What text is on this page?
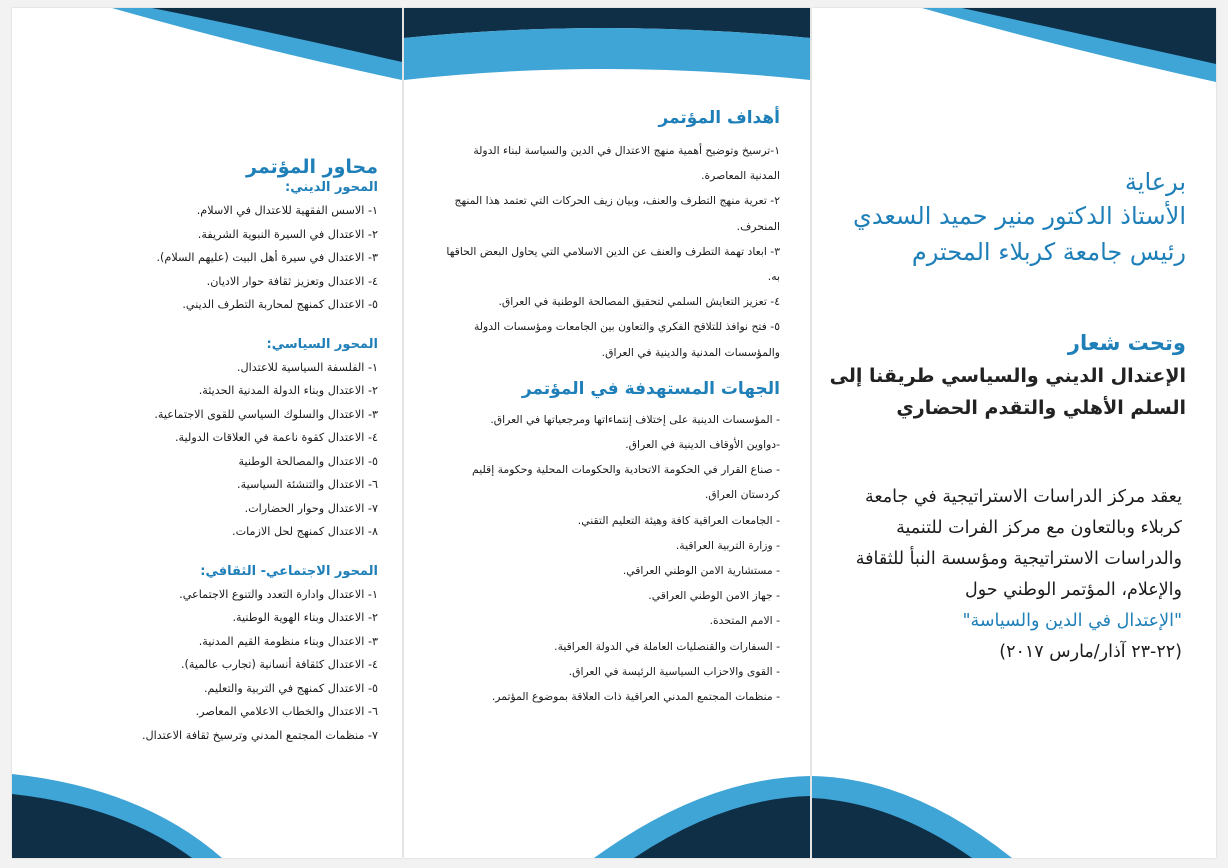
محاور المؤتمر
المحور الديني:
١- الاسس الفقهية للاعتدال في الاسلام.
٢- الاعتدال في السيرة النبوية الشريفة.
٣- الاعتدال في سيرة أهل البيت (عليهم السلام).
٤- الاعتدال وتعزيز ثقافة حوار الاديان.
٥- الاعتدال كمنهج لمحاربة التطرف الديني.
المحور السياسي:
١- الفلسفة السياسية للاعتدال.
٢- الاعتدال وبناء الدولة المدنية الحديثة.
٣- الاعتدال والسلوك السياسي للقوى الاجتماعية.
٤- الاعتدال كقوة ناعمة في العلاقات الدولية.
٥- الاعتدال والمصالحة الوطنية
٦- الاعتدال والتنشئة السياسية.
٧- الاعتدال وحوار الحضارات.
٨- الاعتدال كمنهج لحل الازمات.
المحور الاجتماعي- الثقافي:
١- الاعتدال وادارة التعدد والتنوع الاجتماعي.
٢- الاعتدال وبناء الهوية الوطنية.
٣- الاعتدال وبناء منظومة القيم المدنية.
٤- الاعتدال كثقافة أنسانية (تجارب عالمية).
٥- الاعتدال كمنهج في التربية والتعليم.
٦- الاعتدال والخطاب الاعلامي المعاصر.
٧- منظمات المجتمع المدني وترسيخ ثقافة الاعتدال.
أهداف المؤتمر
١-ترسيخ وتوضيح أهمية منهج الاعتدال في الدين والسياسة لبناء الدولة المدنية المعاصرة.
٢- تعرية منهج التطرف والعنف، وبيان زيف الحركات التي تعتمد هذا المنهج المنحرف.
٣- ابعاد تهمة التطرف والعنف عن الدين الاسلامي التي يحاول البعض الحاقها به.
٤- تعزيز التعايش السلمي لتحقيق المصالحة الوطنية في العراق.
٥- فتح نوافذ للتلاقح الفكري والتعاون بين الجامعات ومؤسسات الدولة والمؤسسات المدنية والدينية في العراق.
الجهات المستهدفة في المؤتمر
- المؤسسات الدينية على إختلاف إنتماءاتها ومرجعياتها في العراق.
-دواوين الأوقاف الدينية في العراق.
- صناع القرار في الحكومة الاتحادية والحكومات المحلية وحكومة إقليم كردستان العراق.
- الجامعات العراقية كافة وهيئة التعليم التقني.
- وزارة التربية العراقية.
- مستشارية الامن الوطني العراقي.
- جهاز الامن الوطني العراقي.
- الامم المتحدة.
- السفارات والقنصليات العاملة في الدولة العراقية.
- القوى والاحزاب السياسية الرئيسة في العراق.
- منظمات المجتمع المدني العراقية ذات العلاقة بموضوع المؤتمر.
برعاية
الأستاذ الدكتور منير حميد السعدي
رئيس جامعة كربلاء المحترم
وتحت شعار
الإعتدال الديني والسياسي طريقنا إلى
السلم الأهلي والتقدم الحضاري
يعقد مركز الدراسات الاستراتيجية في جامعة كربلاء وبالتعاون مع مركز الفرات للتنمية والدراسات الاستراتيجية ومؤسسة النبأ للثقافة والإعلام، المؤتمر الوطني حول
"الإعتدال في الدين والسياسة"
(٢٢-٢٣ آذار/مارس ٢٠١٧)
